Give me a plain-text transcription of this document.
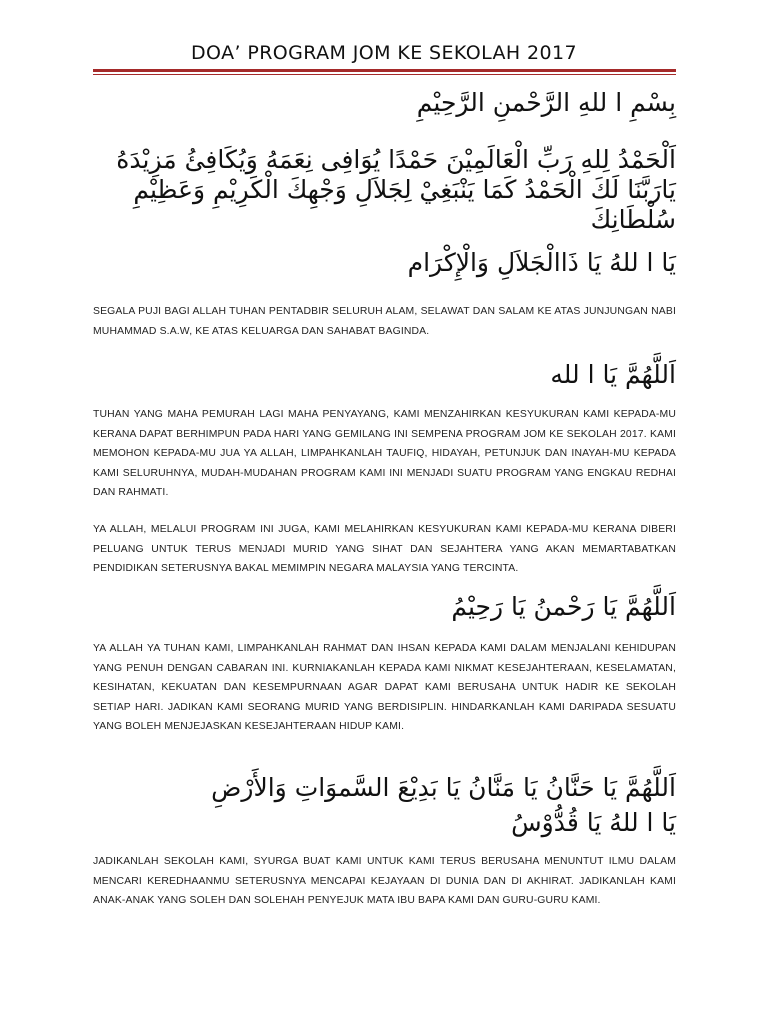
DOA’ PROGRAM JOM KE SEKOLAH 2017
بِسْمِ ا للهِ الرَّحْمنِ الرَّحِيْمِ
اَلْحَمْدُ لِلهِ رَبِّ الْعَالَمِيْنَ حَمْدًا يُوَافِى نِعَمَهُ وَيُكَافِئُ مَزِيْدَهُ
يَارَبَّنَا لَكَ الْحَمْدُ كَمَا يَنْبَغِيْ لِجَلاَلِ وَجْهِكَ الْكَرِيْمِ وَعَظِيْمِ
سُلْطَانِكَ
يَا ا للهُ يَا ذَاالْجَلاَلِ وَالْإِكْرَام
SEGALA PUJI BAGI ALLAH TUHAN PENTADBIR SELURUH ALAM, SELAWAT DAN SALAM KE ATAS JUNJUNGAN NABI MUHAMMAD S.A.W, KE ATAS KELUARGA DAN SAHABAT BAGINDA.
اَللَّهُمَّ يَا ا لله
TUHAN YANG MAHA PEMURAH LAGI MAHA PENYAYANG, KAMI MENZAHIRKAN KESYUKURAN KAMI KEPADA-MU KERANA DAPAT BERHIMPUN PADA HARI YANG GEMILANG INI SEMPENA PROGRAM JOM KE SEKOLAH 2017. KAMI MEMOHON KEPADA-MU JUA YA ALLAH, LIMPAHKANLAH TAUFIQ, HIDAYAH, PETUNJUK DAN INAYAH-MU KEPADA KAMI SELURUHNYA, MUDAH-MUDAHAN PROGRAM KAMI INI MENJADI SUATU PROGRAM YANG ENGKAU REDHAI DAN RAHMATI.
YA ALLAH, MELALUI PROGRAM INI JUGA, KAMI MELAHIRKAN KESYUKURAN KAMI KEPADA-MU KERANA DIBERI PELUANG UNTUK TERUS MENJADI MURID YANG SIHAT DAN SEJAHTERA YANG AKAN MEMARTABATKAN PENDIDIKAN SETERUSNYA BAKAL MEMIMPIN NEGARA MALAYSIA YANG TERCINTA.
اَللَّهُمَّ يَا رَحْمنُ يَا رَحِيْمُ
YA ALLAH YA TUHAN KAMI, LIMPAHKANLAH RAHMAT DAN IHSAN KEPADA KAMI DALAM MENJALANI KEHIDUPAN YANG PENUH DENGAN CABARAN INI. KURNIAKANLAH KEPADA KAMI NIKMAT KESEJAHTERAAN, KESELAMATAN, KESIHATAN, KEKUATAN DAN KESEMPURNAAN AGAR DAPAT KAMI BERUSAHA UNTUK HADIR KE SEKOLAH SETIAP HARI. JADIKAN KAMI SEORANG MURID YANG BERDISIPLIN. HINDARKANLAH KAMI DARIPADA SESUATU YANG BOLEH MENJEJASKAN KESEJAHTERAAN HIDUP KAMI.
اَللَّهُمَّ يَا حَنَّانُ يَا مَنَّانُ يَا بَدِيْعَ السَّموَاتِ وَالأَرْضِ
يَا ا للهُ يَا قُدُّوْسُ
JADIKANLAH SEKOLAH KAMI, SYURGA BUAT KAMI UNTUK KAMI TERUS BERUSAHA MENUNTUT ILMU DALAM MENCARI KEREDHAANMU SETERUSNYA MENCAPAI KEJAYAAN DI DUNIA DAN DI AKHIRAT. JADIKANLAH KAMI ANAK-ANAK YANG SOLEH DAN SOLEHAH PENYEJUK MATA IBU BAPA KAMI DAN GURU-GURU KAMI.
